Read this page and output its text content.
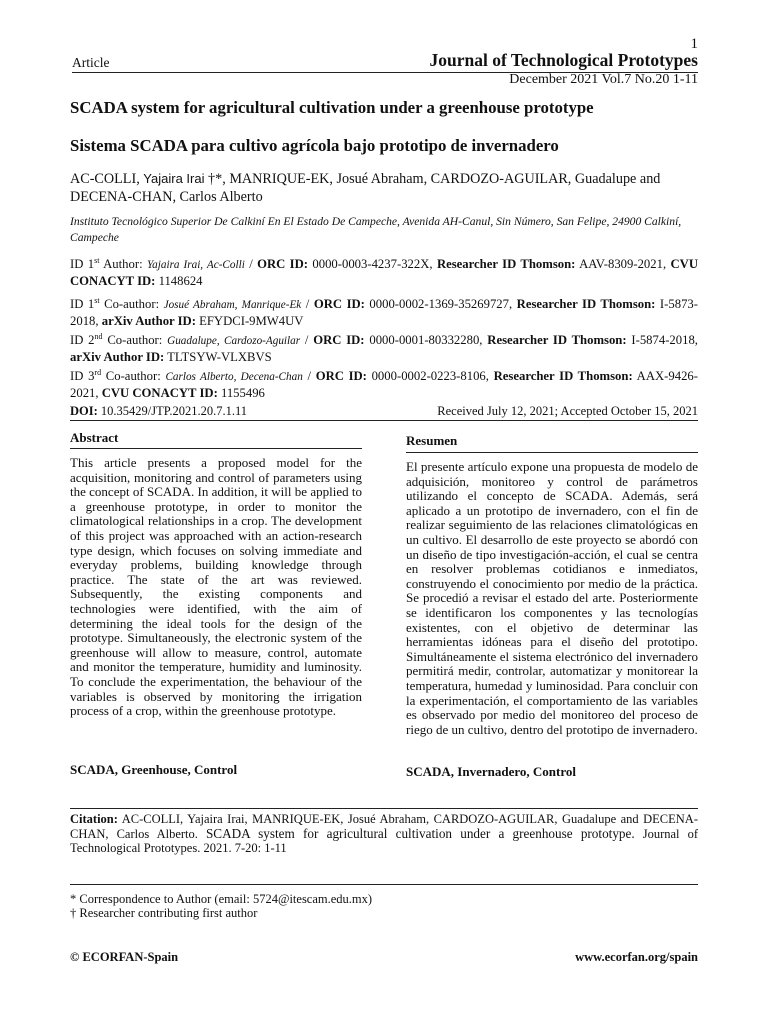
1
Article	Journal of Technological Prototypes
December 2021 Vol.7 No.20 1-11
SCADA system for agricultural cultivation under a greenhouse prototype
Sistema SCADA para cultivo agrícola bajo prototipo de invernadero
AC-COLLI, Yajaira Irai †*, MANRIQUE-EK, Josué Abraham, CARDOZO-AGUILAR, Guadalupe and DECENA-CHAN, Carlos Alberto
Instituto Tecnológico Superior De Calkiní En El Estado De Campeche, Avenida AH-Canul, Sin Número, San Felipe, 24900 Calkiní, Campeche
ID 1st Author: Yajaira Irai, Ac-Colli / ORC ID: 0000-0003-4237-322X, Researcher ID Thomson: AAV-8309-2021, CVU CONACYT ID: 1148624
ID 1st Co-author: Josué Abraham, Manrique-Ek / ORC ID: 0000-0002-1369-35269727, Researcher ID Thomson: I-5873-2018, arXiv Author ID: EFYDCI-9MW4UV
ID 2nd Co-author: Guadalupe, Cardozo-Aguilar / ORC ID: 0000-0001-80332280, Researcher ID Thomson: I-5874-2018, arXiv Author ID: TLTSYW-VLXBVS
ID 3rd Co-author: Carlos Alberto, Decena-Chan / ORC ID: 0000-0002-0223-8106, Researcher ID Thomson: AAX-9426-2021, CVU CONACYT ID: 1155496
DOI: 10.35429/JTP.2021.20.7.1.11	Received July 12, 2021; Accepted October 15, 2021
Abstract
This article presents a proposed model for the acquisition, monitoring and control of parameters using the concept of SCADA. In addition, it will be applied to a greenhouse prototype, in order to monitor the climatological relationships in a crop. The development of this project was approached with an action-research type design, which focuses on solving immediate and everyday problems, building knowledge through practice. The state of the art was reviewed. Subsequently, the existing components and technologies were identified, with the aim of determining the ideal tools for the design of the prototype. Simultaneously, the electronic system of the greenhouse will allow to measure, control, automate and monitor the temperature, humidity and luminosity. To conclude the experimentation, the behaviour of the variables is observed by monitoring the irrigation process of a crop, within the greenhouse prototype.
SCADA, Greenhouse, Control
Resumen
El presente artículo expone una propuesta de modelo de adquisición, monitoreo y control de parámetros utilizando el concepto de SCADA. Además, será aplicado a un prototipo de invernadero, con el fin de realizar seguimiento de las relaciones climatológicas en un cultivo. El desarrollo de este proyecto se abordó con un diseño de tipo investigación-acción, el cual se centra en resolver problemas cotidianos e inmediatos, construyendo el conocimiento por medio de la práctica. Se procedió a revisar el estado del arte. Posteriormente se identificaron los componentes y las tecnologías existentes, con el objetivo de determinar las herramientas idóneas para el diseño del prototipo. Simultáneamente el sistema electrónico del invernadero permitirá medir, controlar, automatizar y monitorear la temperatura, humedad y luminosidad. Para concluir con la experimentación, el comportamiento de las variables es observado por medio del monitoreo del proceso de riego de un cultivo, dentro del prototipo de invernadero.
SCADA, Invernadero, Control
Citation: AC-COLLI, Yajaira Irai, MANRIQUE-EK, Josué Abraham, CARDOZO-AGUILAR, Guadalupe and DECENA-CHAN, Carlos Alberto. SCADA system for agricultural cultivation under a greenhouse prototype. Journal of Technological Prototypes. 2021. 7-20: 1-11
* Correspondence to Author (email: 5724@itescam.edu.mx)
† Researcher contributing first author
© ECORFAN-Spain	www.ecorfan.org/spain
